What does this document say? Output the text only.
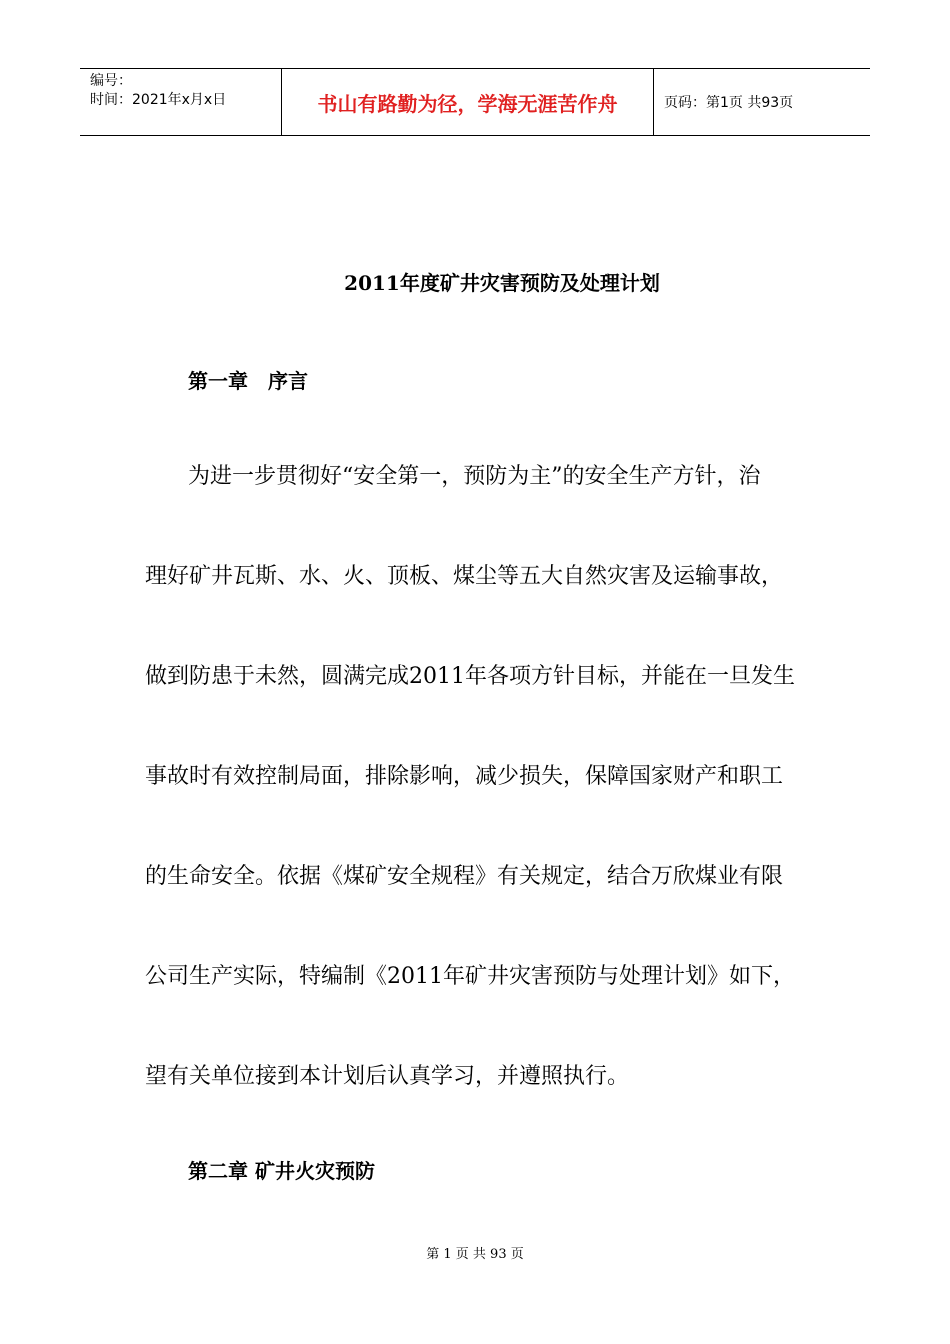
编号：
时间：2021年x月x日	书山有路勤为径，学海无涯苦作舟	页码：第1页 共93页
2011年度矿井灾害预防及处理计划
第一章　序言
为进一步贯彻好“安全第一，预防为主”的安全生产方针，治
理好矿井瓦斯、水、火、顶板、煤尘等五大自然灾害及运输事故，
做到防患于未然，圆满完成2011年各项方针目标，并能在一旦发生
事故时有效控制局面，排除影响，减少损失，保障国家财产和职工
的生命安全。依据《煤矿安全规程》有关规定，结合万欣煤业有限
公司生产实际，特编制《2011年矿井灾害预防与处理计划》如下，
望有关单位接到本计划后认真学习，并遵照执行。
第二章 矿井火灾预防
第 1 页 共 93 页
